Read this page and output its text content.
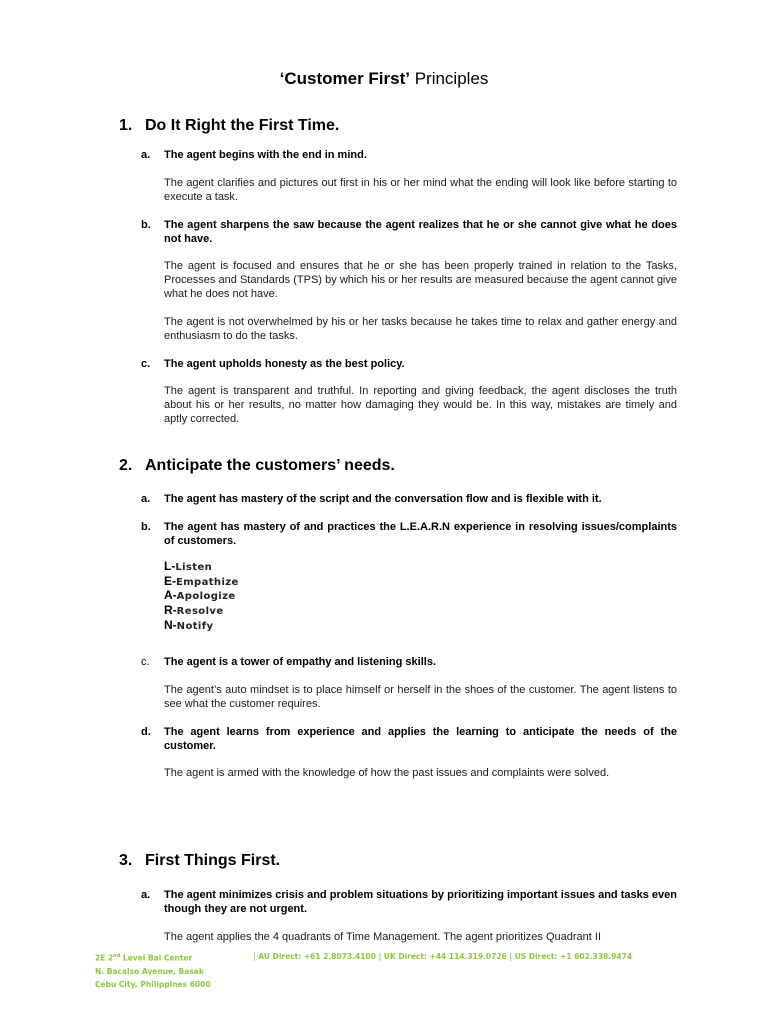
‘Customer First’ Principles
1. Do It Right the First Time.
a.	The agent begins with the end in mind.
The agent clarifies and pictures out first in his or her mind what the ending will look like before starting to execute a task.
b.	The agent sharpens the saw because the agent realizes that he or she cannot give what he does not have.
The agent is focused and ensures that he or she has been properly trained in relation to the Tasks, Processes and Standards (TPS) by which his or her results are measured because the agent cannot give what he does not have.
The agent is not overwhelmed by his or her tasks because he takes time to relax and gather energy and enthusiasm to do the tasks.
c.	The agent upholds honesty as the best policy.
The agent is transparent and truthful. In reporting and giving feedback, the agent discloses the truth about his or her results, no matter how damaging they would be. In this way, mistakes are timely and aptly corrected.
2. Anticipate the customers’ needs.
a.	The agent has mastery of the script and the conversation flow and is flexible with it.
b.	The agent has mastery of and practices the L.E.A.R.N experience in resolving issues/complaints of customers.
L-Listen
E-Empathize
A-Apologize
R-Resolve
N-Notify
c.	The agent is a tower of empathy and listening skills.
The agent’s auto mindset is to place himself or herself in the shoes of the customer. The agent listens to see what the customer requires.
d.	The agent learns from experience and applies the learning to anticipate the needs of the customer.
The agent is armed with the knowledge of how the past issues and complaints were solved.
3. First Things First.
a.	The agent minimizes crisis and problem situations by prioritizing important issues and tasks even though they are not urgent.
The agent applies the 4 quadrants of Time Management. The agent prioritizes Quadrant II
2E 2nd Level Bai Center
N. Bacalso Avenue, Basak
Cebu City, Philippines 6000
| AU Direct: +61 2.8073.4100 | UK Direct: +44 114.319.0726 | US Direct: +1 602.338.9474
